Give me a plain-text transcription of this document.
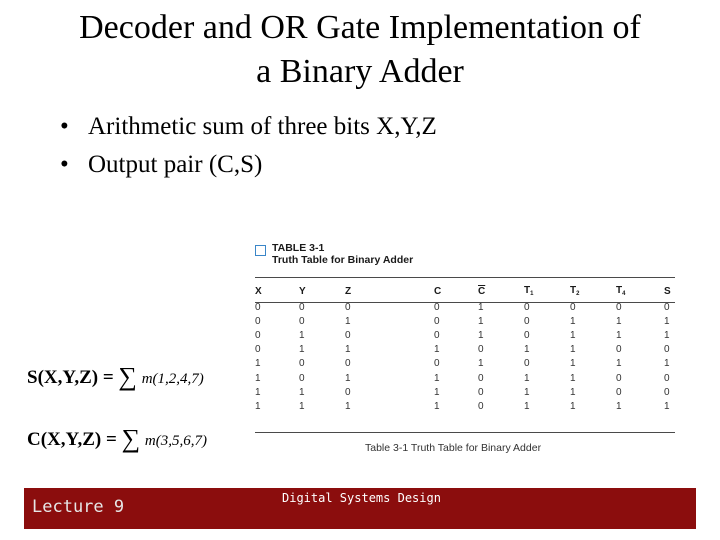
Decoder and OR Gate Implementation of
a Binary Adder
• Arithmetic sum of three bits X,Y,Z
• Output pair (C,S)
TABLE 3-1
Truth Table for Binary Adder
X	Y	Z	C	$\overline{C}$	$T_1$	$T_2$	$T_4$	S
0	0	0	0	1	0	0	0	0
0	0	1	0	1	0	1	1	1
0	1	0	0	1	0	1	1	1
0	1	1	1	0	1	1	0	0
1	0	0	0	1	0	1	1	1
1	0	1	1	0	1	1	0	0
1	1	0	1	0	1	1	0	0
1	1	1	1	0	1	1	1	1
Table 3-1 Truth Table for Binary Adder
S(X,Y,Z) = ∑ m(1,2,4,7)
C(X,Y,Z) = ∑ m(3,5,6,7)
Lecture 9	Digital Systems Design
